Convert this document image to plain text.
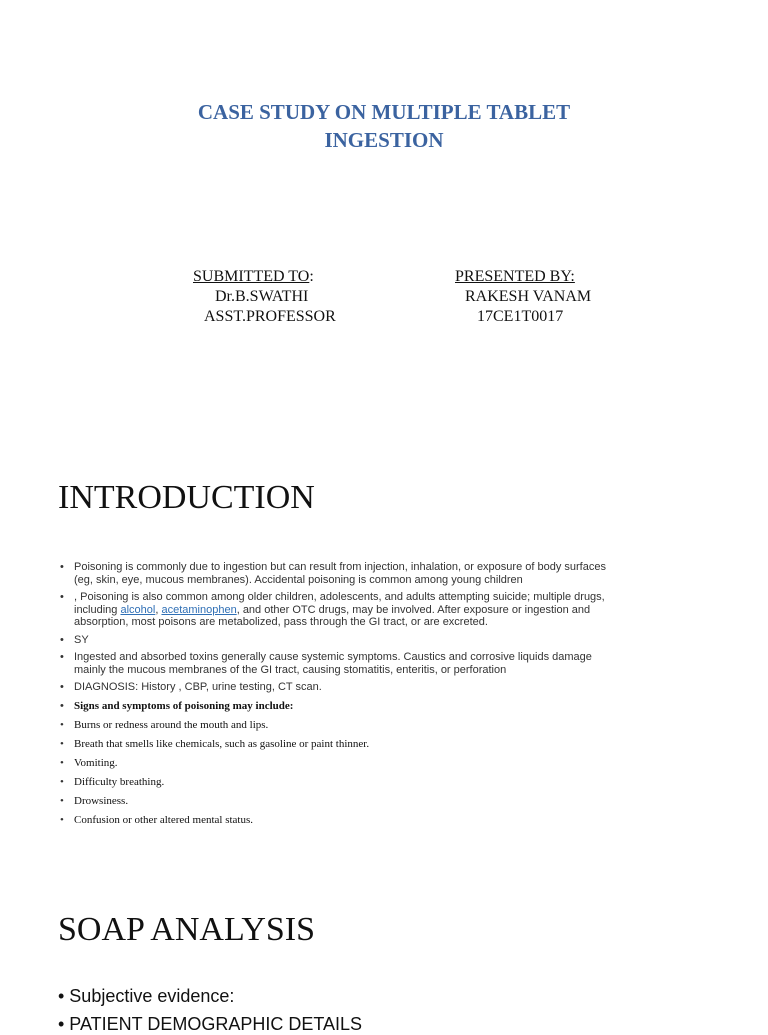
CASE STUDY ON MULTIPLE TABLET
INGESTION
SUBMITTED TO:
Dr.B.SWATHI
ASST.PROFESSOR
PRESENTED BY:
RAKESH VANAM
17CE1T0017
INTRODUCTION
• Poisoning is commonly due to ingestion but can result from injection, inhalation, or exposure of body surfaces (eg, skin, eye, mucous membranes). Accidental poisoning is common among young children
• , Poisoning is also common among older children, adolescents, and adults attempting suicide; multiple drugs, including alcohol, acetaminophen, and other OTC drugs, may be involved. After exposure or ingestion and absorption, most poisons are metabolized, pass through the GI tract, or are excreted.
• SY
• Ingested and absorbed toxins generally cause systemic symptoms. Caustics and corrosive liquids damage mainly the mucous membranes of the GI tract, causing stomatitis, enteritis, or perforation
• DIAGNOSIS: History , CBP, urine testing, CT scan.
• Signs and symptoms of poisoning may include:
• Burns or redness around the mouth and lips.
• Breath that smells like chemicals, such as gasoline or paint thinner.
• Vomiting.
• Difficulty breathing.
• Drowsiness.
• Confusion or other altered mental status.
SOAP ANALYSIS
• Subjective evidence:
• PATIENT DEMOGRAPHIC DETAILS
